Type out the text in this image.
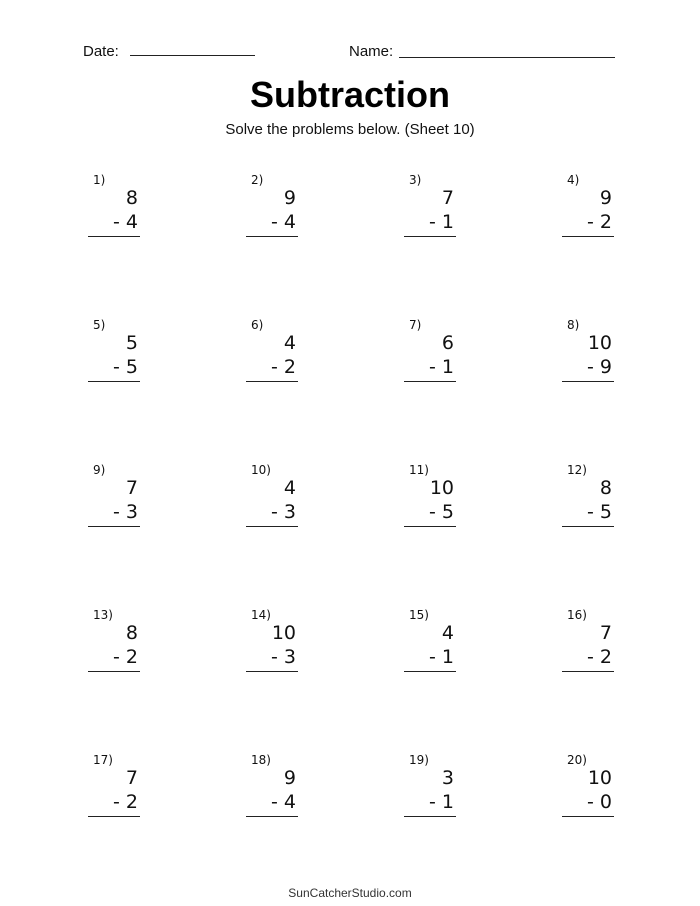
Date:	Name:
Subtraction
Solve the problems below. (Sheet 10)
1)
8
- 4
2)
9
- 4
3)
7
- 1
4)
9
- 2
5)
5
- 5
6)
4
- 2
7)
6
- 1
8)
10
- 9
9)
7
- 3
10)
4
- 3
11)
10
- 5
12)
8
- 5
13)
8
- 2
14)
10
- 3
15)
4
- 1
16)
7
- 2
17)
7
- 2
18)
9
- 4
19)
3
- 1
20)
10
- 0
SunCatcherStudio.com
